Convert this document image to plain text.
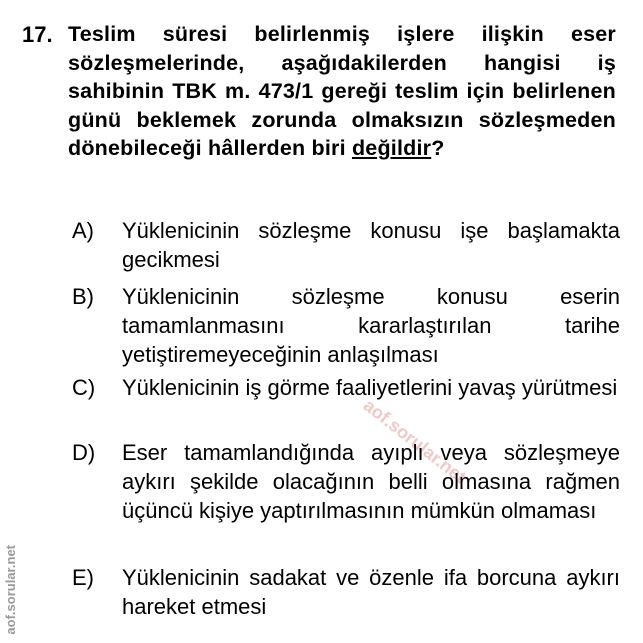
aof.sorular.net
17. Teslim süresi belirlenmiş işlere ilişkin eser sözleşmelerinde, aşağıdakilerden hangisi iş sahibinin TBK m. 473/1 gereği teslim için belirlenen günü beklemek zorunda olmaksızın sözleşmeden dönebileceği hâllerden biri değildir?
A) Yüklenicinin sözleşme konusu işe başlamakta gecikmesi
B) Yüklenicinin sözleşme konusu eserin tamamlanmasını kararlaştırılan tarihe yetiştiremeyeceğinin anlaşılması
C) Yüklenicinin iş görme faaliyetlerini yavaş yürütmesi
D) Eser tamamlandığında ayıplı veya sözleşmeye aykırı şekilde olacağının belli olmasına rağmen üçüncü kişiye yaptırılmasının mümkün olmaması
E) Yüklenicinin sadakat ve özenle ifa borcuna aykırı hareket etmesi
aof.sorular.net
